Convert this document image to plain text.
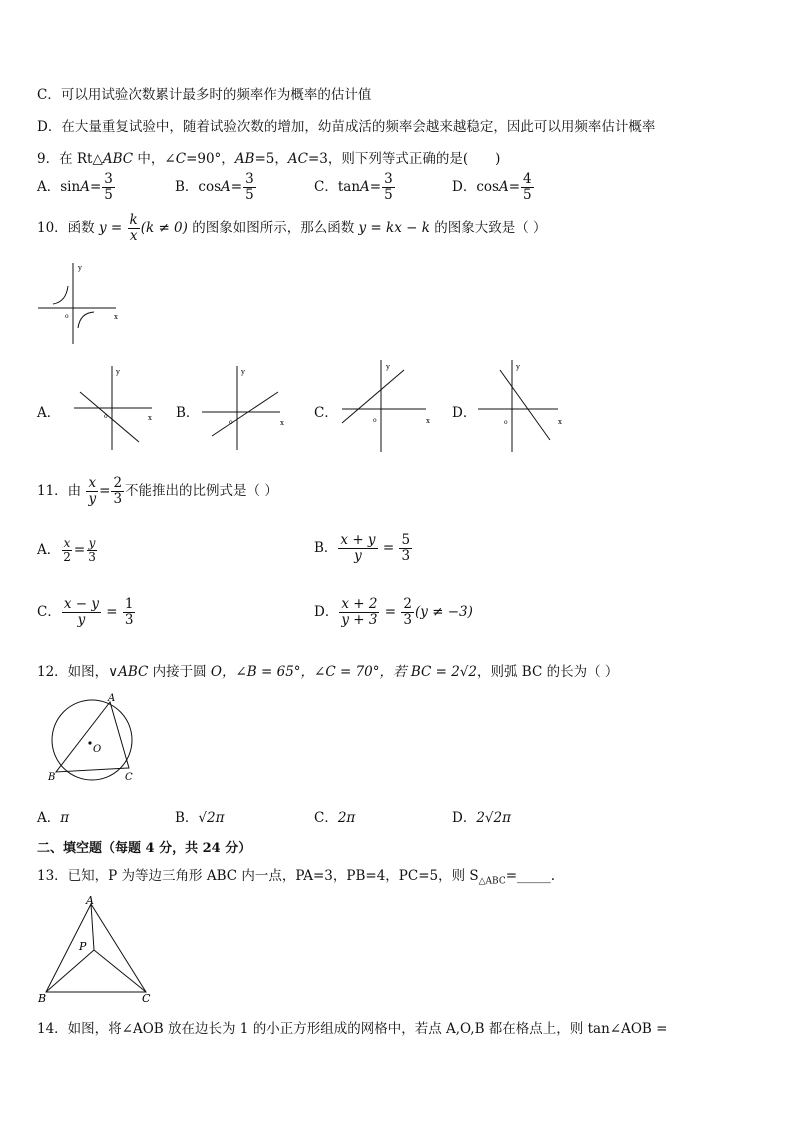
C．可以用试验次数累计最多时的频率作为概率的估计值
D．在大量重复试验中，随着试验次数的增加，幼苗成活的频率会越来越稳定，因此可以用频率估计概率
9．在 Rt△ABC 中，∠C=90°，AB=5，AC=3，则下列等式正确的是(　　)
A．$\sin A= \frac{3}{5}$	B．$\cos A= \frac{3}{5}$	C．$\tan A= \frac{3}{5}$	D．$\cos A= \frac{4}{5}$
10．函数 $y = \frac{k}{x} (k \ne 0)$ 的图象如图所示，那么函数 y = kx − k 的图象大致是（ ）
y
x
o
A．
y
x
o	B．
y
x
o
C．
y
x
o	D．
y
x
o
11．由 $\frac{x}{y} = \frac{2}{3}$ 不能推出的比例式是（ ）
A． $\frac{x}{2} = \frac{y}{3}$	B． $\frac{x + y}{y} = \frac{5}{3}$
C． $\frac{x - y}{y} = \frac{1}{3}$	D． $\frac{x + 2}{y + 3} = \frac{2}{3} (y \ne -3)$
12．如图，∨ABC 内接于圆 O，∠B = 65°，∠C = 70°，若 BC = 2√2，则弧 BC 的长为（ ）
A
B	C
O
A．π	B．√2π	C．2π	D．2√2π
二、填空题（每题 4 分，共 24 分）
13．已知，P 为等边三角形 ABC 内一点，PA=3，PB=4，PC=5，则 $S_{\triangle ABC}=\_\_\_\_\_$.
A
B	C
P
14．如图，将∠AOB 放在边长为 1 的小正方形组成的网格中，若点 A,O,B 都在格点上，则 tan∠AOB =
